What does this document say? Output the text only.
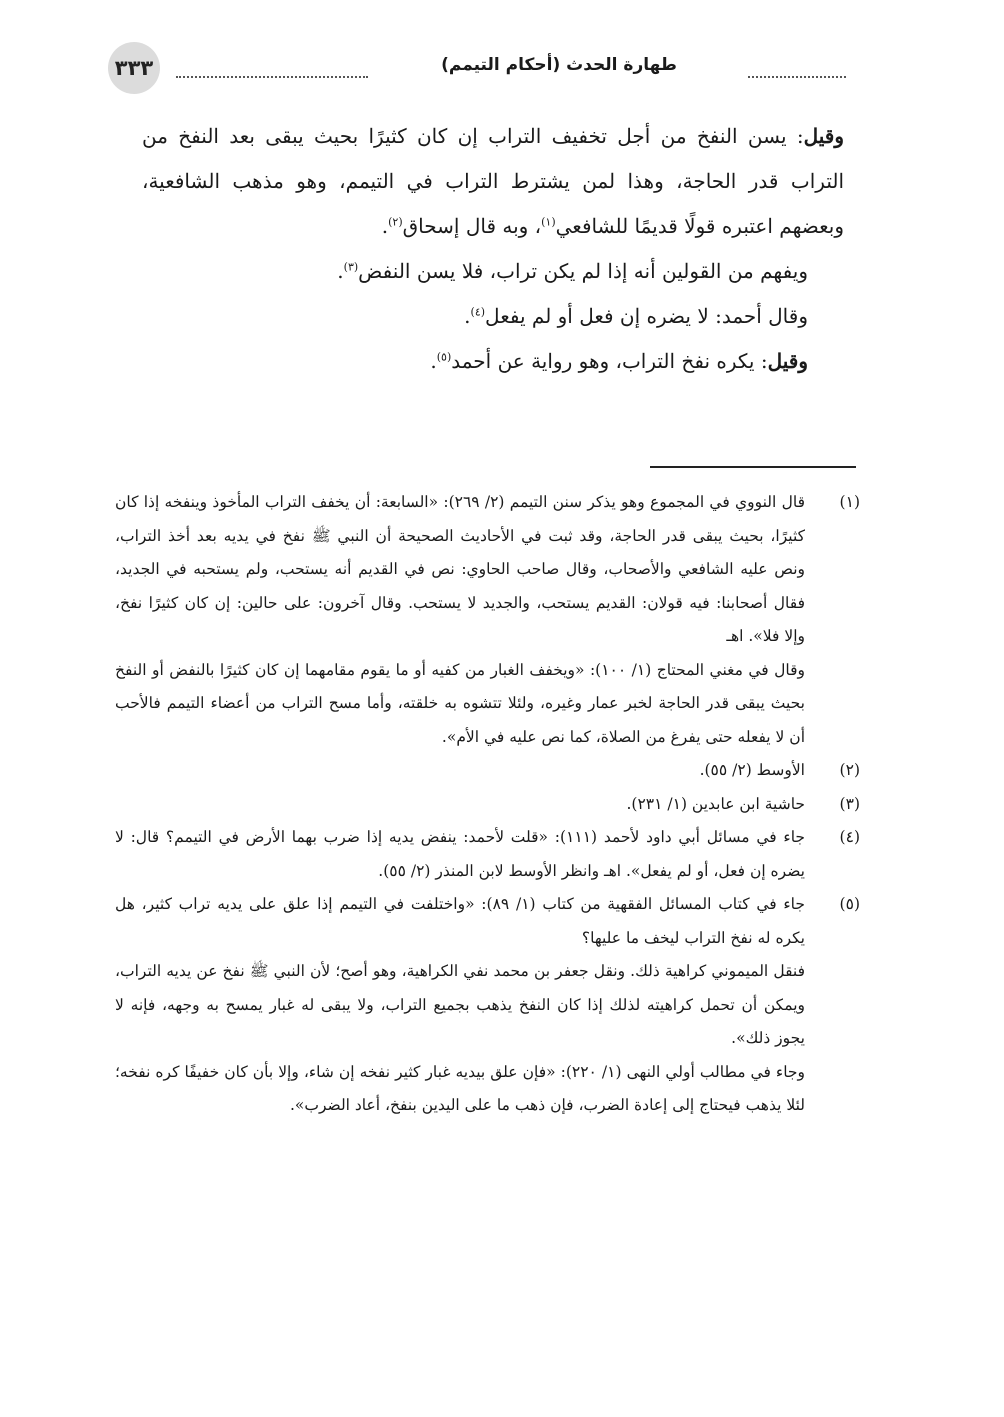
٣٣٣	طهارة الحدث (أحكام التيمم)

وقيل: يسن النفخ من أجل تخفيف التراب إن كان كثيرًا بحيث يبقى بعد النفخ من التراب قدر الحاجة، وهذا لمن يشترط التراب في التيمم، وهو مذهب الشافعية، وبعضهم اعتبره قولًا قديمًا للشافعي$^{(١)}$، وبه قال إسحاق$^{(٢)}$.

ويفهم من القولين أنه إذا لم يكن تراب، فلا يسن النفض$^{(٣)}$.

وقال أحمد: لا يضره إن فعل أو لم يفعل$^{(٤)}$.

وقيل: يكره نفخ التراب، وهو رواية عن أحمد$^{(٥)}$.

(١)

قال النووي في المجموع وهو يذكر سنن التيمم (٢/ ٢٦٩): «السابعة: أن يخفف التراب المأخوذ وينفخه إذا كان كثيرًا، بحيث يبقى قدر الحاجة، وقد ثبت في الأحاديث الصحيحة أن النبي ﷺ نفخ في يديه بعد أخذ التراب، ونص عليه الشافعي والأصحاب، وقال صاحب الحاوي: نص في القديم أنه يستحب، ولم يستحبه في الجديد، فقال أصحابنا: فيه قولان: القديم يستحب، والجديد لا يستحب. وقال آخرون: على حالين: إن كان كثيرًا نفخ، وإلا فلا». اهـ

وقال في مغني المحتاج (١/ ١٠٠): «ويخفف الغبار من كفيه أو ما يقوم مقامهما إن كان كثيرًا بالنفض أو النفخ بحيث يبقى قدر الحاجة لخبر عمار وغيره، ولئلا تتشوه به خلقته، وأما مسح التراب من أعضاء التيمم فالأحب أن لا يفعله حتى يفرغ من الصلاة، كما نص عليه في الأم».

(٢)

الأوسط (٢/ ٥٥).

(٣)

حاشية ابن عابدين (١/ ٢٣١).

(٤)

جاء في مسائل أبي داود لأحمد (١١١): «قلت لأحمد: ينفض يديه إذا ضرب بهما الأرض في التيمم؟ قال: لا يضره إن فعل، أو لم يفعل». اهـ وانظر الأوسط لابن المنذر (٢/ ٥٥).

(٥)

جاء في كتاب المسائل الفقهية من كتاب (١/ ٨٩): «واختلفت في التيمم إذا علق على يديه تراب كثير، هل يكره له نفخ التراب ليخف ما عليها؟

فنقل الميموني كراهية ذلك. ونقل جعفر بن محمد نفي الكراهية، وهو أصح؛ لأن النبي ﷺ نفخ عن يديه التراب، ويمكن أن تحمل كراهيته لذلك إذا كان النفخ يذهب بجميع التراب، ولا يبقى له غبار يمسح به وجهه، فإنه لا يجوز ذلك».

وجاء في مطالب أولي النهى (١/ ٢٢٠): «فإن علق بيديه غبار كثير نفخه إن شاء، وإلا بأن كان خفيفًا كره نفخه؛ لئلا يذهب فيحتاج إلى إعادة الضرب، فإن ذهب ما على اليدين بنفخ، أعاد الضرب».
